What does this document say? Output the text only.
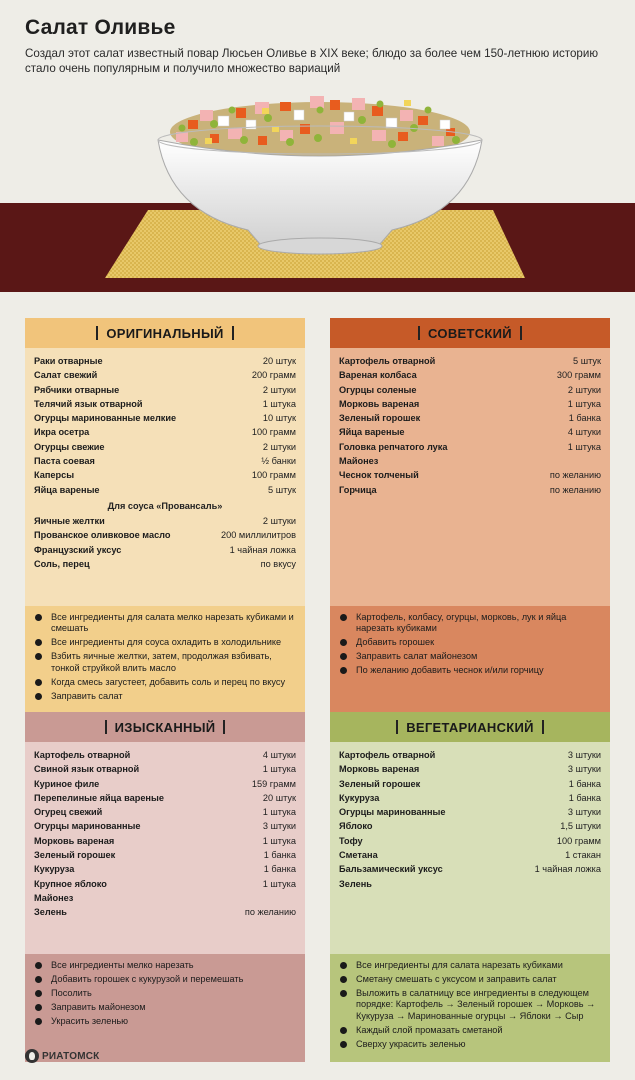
Салат Оливье
Создал этот салат известный повар Люсьен Оливье в XIX веке; блюдо за более чем 150-летнюю историю стало очень популярным и получило множество вариаций
ОРИГИНАЛЬНЫЙ
Раки отварные	20 штук
Салат свежий	200 грамм
Рябчики отварные	2 штуки
Телячий язык отварной	1 штука
Огурцы маринованные мелкие	10 штук
Икра осетра	100 грамм
Огурцы свежие	2 штуки
Паста соевая	½ банки
Каперсы	100 грамм
Яйца вареные	5 штук
Для соуса «Провансаль»
Яичные желтки	2 штуки
Прованское оливковое масло	200 миллилитров
Французский уксус	1 чайная ложка
Соль, перец	по вкусу
Все ингредиенты для салата мелко нарезать кубиками и смешать
Все ингредиенты для соуса охладить в холодильнике
Взбить яичные желтки, затем, продолжая взбивать, тонкой струйкой влить масло
Когда смесь загустеет, добавить соль и перец по вкусу
Заправить салат
СОВЕТСКИЙ
Картофель отварной	5 штук
Вареная колбаса	300 грамм
Огурцы соленые	2 штуки
Морковь вареная	1 штука
Зеленый горошек	1 банка
Яйца вареные	4 штуки
Головка репчатого лука	1 штука
Майонез
Чеснок толченый	по желанию
Горчица	по желанию
Картофель, колбасу, огурцы, морковь, лук и яйца нарезать кубиками
Добавить горошек
Заправить салат майонезом
По желанию добавить чеснок и/или горчицу
ИЗЫСКАННЫЙ
Картофель отварной	4 штуки
Свиной язык отварной	1 штука
Куриное филе	159 грамм
Перепелиные яйца вареные	20 штук
Огурец свежий	1 штука
Огурцы маринованные	3 штуки
Морковь вареная	1 штука
Зеленый горошек	1 банка
Кукуруза	1 банка
Крупное яблоко	1 штука
Майонез
Зелень	по желанию
Все ингредиенты мелко нарезать
Добавить горошек с кукурузой и перемешать
Посолить
Заправить майонезом
Украсить зеленью
ВЕГЕТАРИАНСКИЙ
Картофель отварной	3 штуки
Морковь вареная	3 штуки
Зеленый горошек	1 банка
Кукуруза	1 банка
Огурцы маринованные	3 штуки
Яблоко	1,5 штуки
Тофу	100 грамм
Сметана	1 стакан
Бальзамический уксус	1 чайная ложка
Зелень
Все ингредиенты для салата нарезать кубиками
Сметану смешать с уксусом и заправить салат
Выложить в салатницу все ингредиенты в следующем порядке: Картофель → Зеленый горошек → Морковь → Кукуруза → Маринованные огурцы → Яблоки → Сыр
Каждый слой промазать сметаной
Сверху украсить зеленью
РИАТОМСК
